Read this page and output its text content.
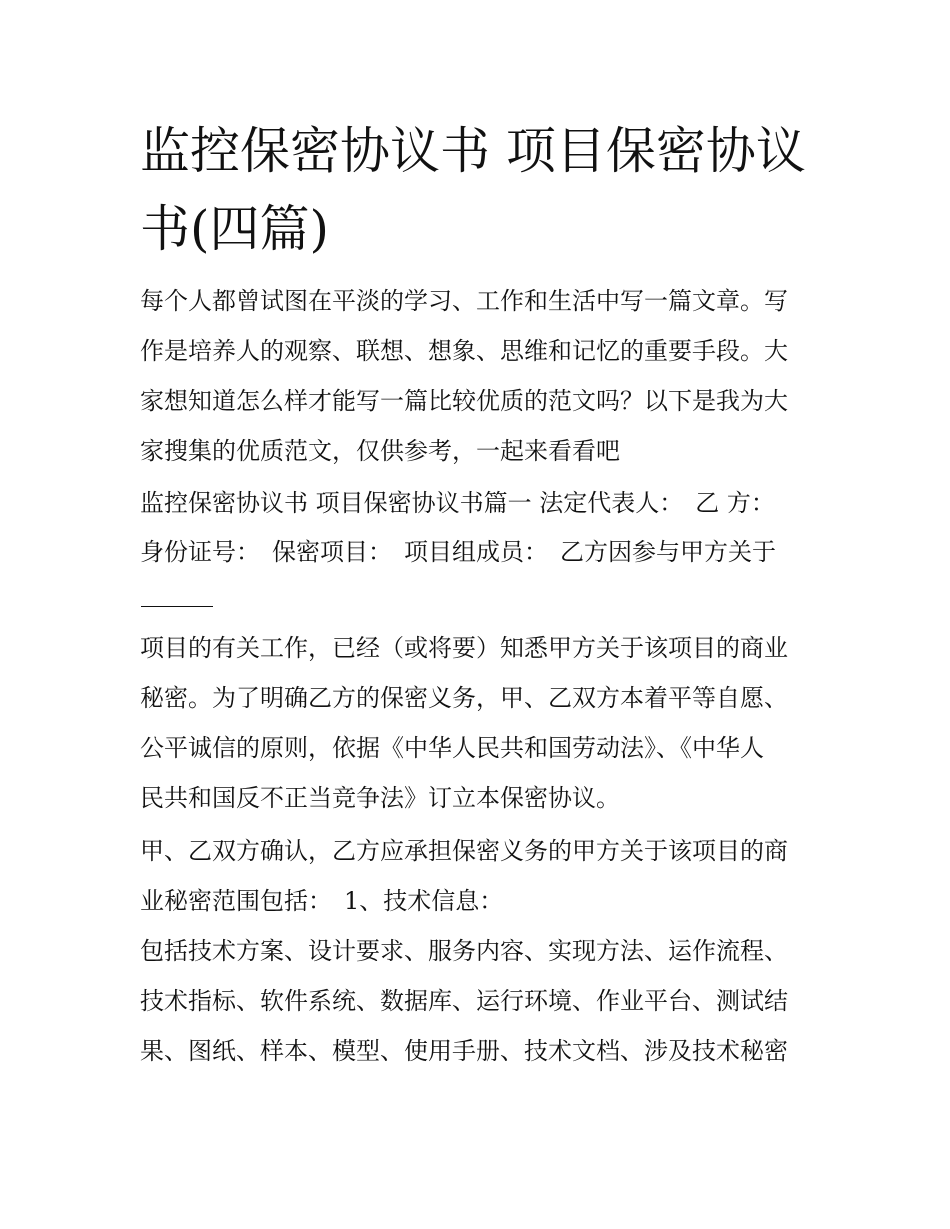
监控保密协议书 项目保密协议
书(四篇)

每个人都曾试图在平淡的学习、工作和生活中写一篇文章。写
作是培养人的观察、联想、想象、思维和记忆的重要手段。大
家想知道怎么样才能写一篇比较优质的范文吗？以下是我为大
家搜集的优质范文，仅供参考，一起来看看吧

监控保密协议书 项目保密协议书篇一 法定代表人：　乙 方：

身份证号：　保密项目：　项目组成员：　乙方因参与甲方关于

项目的有关工作，已经（或将要）知悉甲方关于该项目的商业
秘密。为了明确乙方的保密义务，甲、乙双方本着平等自愿、
公平诚信的原则，依据《中华人民共和国劳动法》、《中华人
民共和国反不正当竞争法》订立本保密协议。

甲、乙双方确认，乙方应承担保密义务的甲方关于该项目的商
业秘密范围包括：　1、技术信息：

包括技术方案、设计要求、服务内容、实现方法、运作流程、
技术指标、软件系统、数据库、运行环境、作业平台、测试结
果、图纸、样本、模型、使用手册、技术文档、涉及技术秘密
